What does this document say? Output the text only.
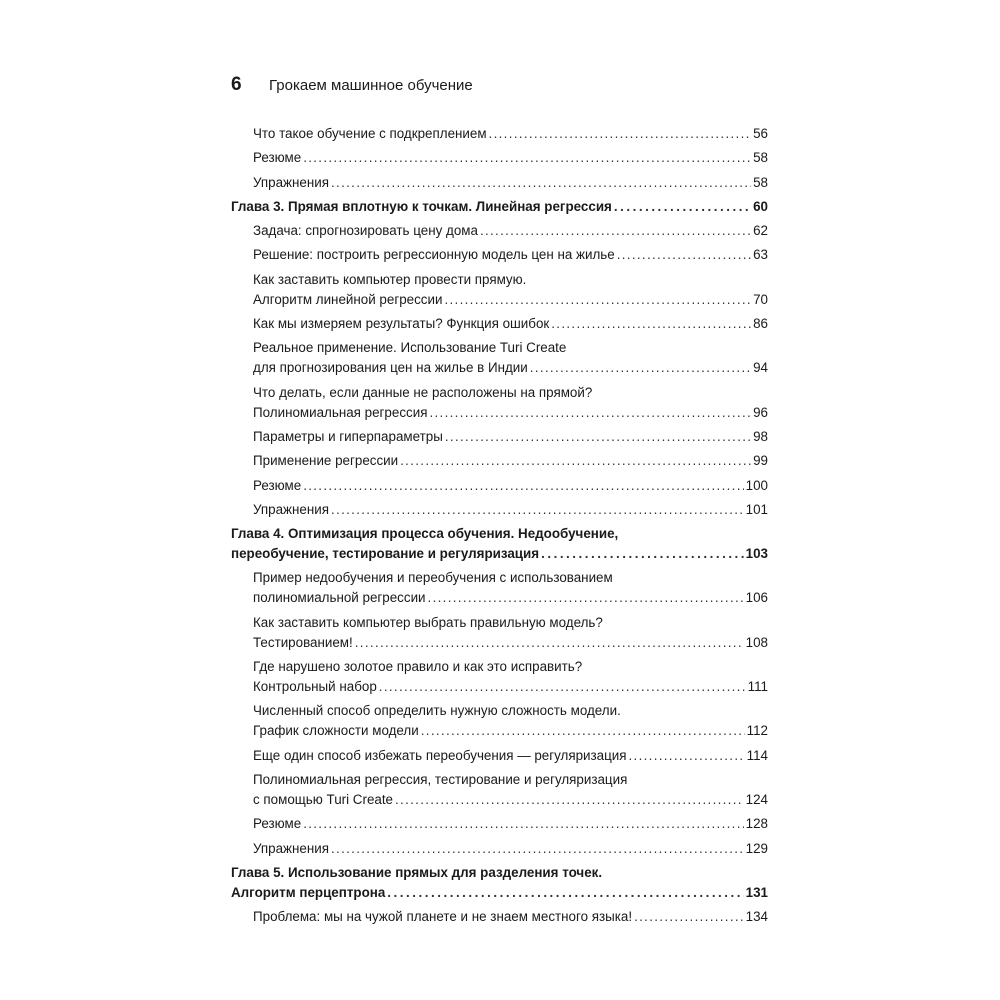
6	Грокаем машинное обучение
Что такое обучение с подкреплением . . .	56
Резюме . . .	58
Упражнения . . .	58
Глава 3. Прямая вплотную к точкам. Линейная регрессия . . .	60
Задача: спрогнозировать цену дома . . .	62
Решение: построить регрессионную модель цен на жилье . . .	63
Как заставить компьютер провести прямую.
Алгоритм линейной регрессии . . .	70
Как мы измеряем результаты? Функция ошибок . . .	86
Реальное применение. Использование Turi Create
для прогнозирования цен на жилье в Индии . . .	94
Что делать, если данные не расположены на прямой?
Полиномиальная регрессия . . .	96
Параметры и гиперпараметры . . .	98
Применение регрессии . . .	99
Резюме . . .	100
Упражнения . . .	101
Глава 4. Оптимизация процесса обучения. Недообучение,
переобучение, тестирование и регуляризация . . .	103
Пример недообучения и переобучения с использованием
полиномиальной регрессии . . .	106
Как заставить компьютер выбрать правильную модель?
Тестированием! . . .	108
Где нарушено золотое правило и как это исправить?
Контрольный набор . . .	111
Численный способ определить нужную сложность модели.
График сложности модели . . .	112
Еще один способ избежать переобучения — регуляризация . . .	114
Полиномиальная регрессия, тестирование и регуляризация
с помощью Turi Create . . .	124
Резюме . . .	128
Упражнения . . .	129
Глава 5. Использование прямых для разделения точек.
Алгоритм перцептрона . . .	131
Проблема: мы на чужой планете и не знаем местного языка! . . .	134
